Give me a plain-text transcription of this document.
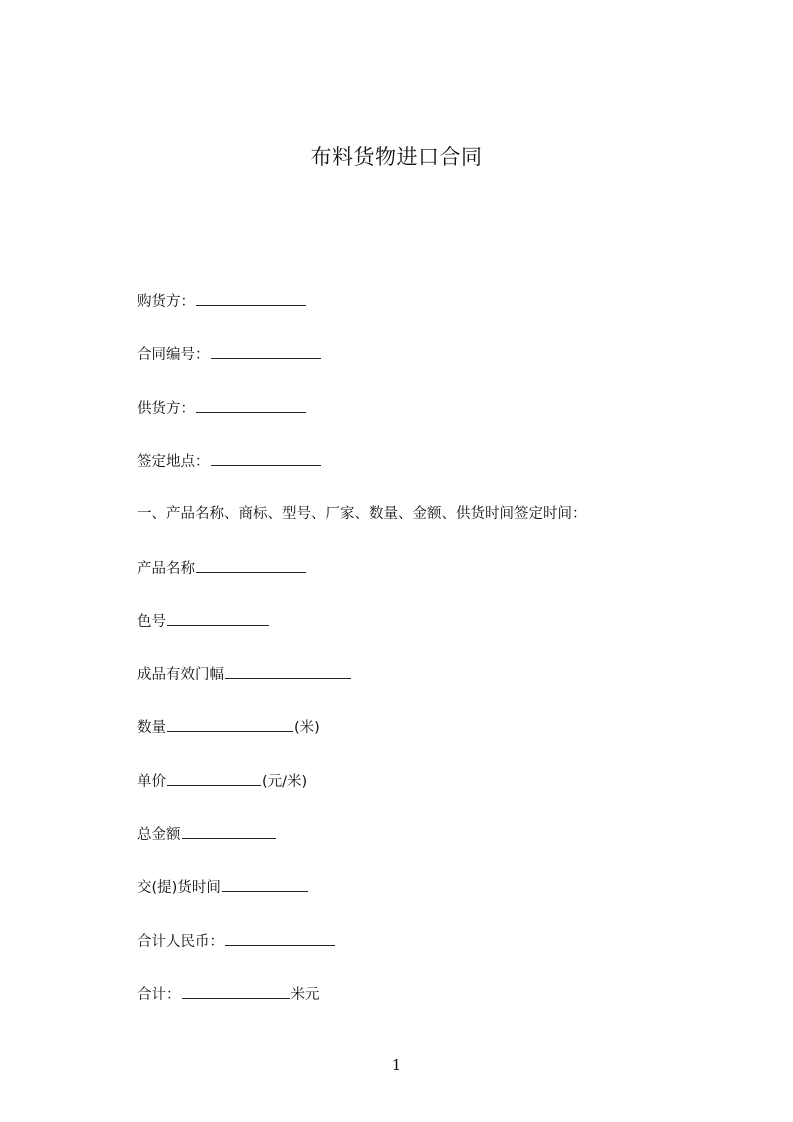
布料货物进口合同
购货方：
合同编号：
供货方：
签定地点：
一、产品名称、商标、型号、厂家、数量、金额、供货时间签定时间：
产品名称
色号
成品有效门幅
数量	(米)
单价	(元/米)
总金额
交(提)货时间
合计人民币：
合计：	米元
1
